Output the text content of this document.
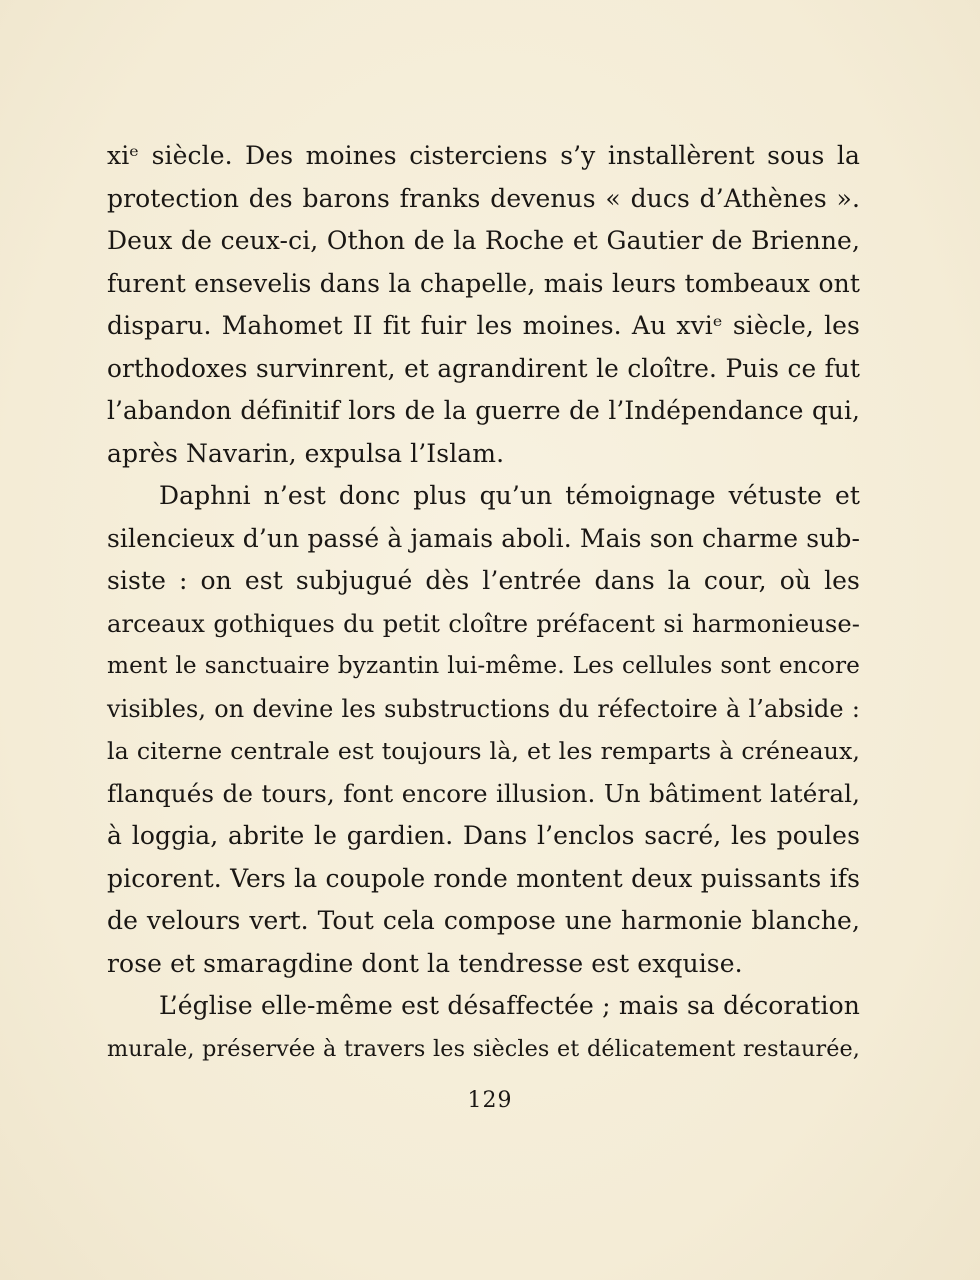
xiᵉ siècle. Des moines cisterciens s’y installèrent sous la
protection des barons franks devenus « ducs d’Athènes ».
Deux de ceux-ci, Othon de la Roche et Gautier de Brienne,
furent ensevelis dans la chapelle, mais leurs tombeaux ont
disparu. Mahomet II fit fuir les moines. Au xviᵉ siècle, les
orthodoxes survinrent, et agrandirent le cloître. Puis ce fut
l’abandon définitif lors de la guerre de l’Indépendance qui,
après Navarin, expulsa l’Islam.
Daphni n’est donc plus qu’un témoignage vétuste et
silencieux d’un passé à jamais aboli. Mais son charme sub-
siste : on est subjugué dès l’entrée dans la cour, où les
arceaux gothiques du petit cloître préfacent si harmonieuse-
ment le sanctuaire byzantin lui-même. Les cellules sont encore
visibles, on devine les substructions du réfectoire à l’abside :
la citerne centrale est toujours là, et les remparts à créneaux,
flanqués de tours, font encore illusion. Un bâtiment latéral,
à loggia, abrite le gardien. Dans l’enclos sacré, les poules
picorent. Vers la coupole ronde montent deux puissants ifs
de velours vert. Tout cela compose une harmonie blanche,
rose et smaragdine dont la tendresse est exquise.
L’église elle-même est désaffectée ; mais sa décoration
murale, préservée à travers les siècles et délicatement restaurée,
129
